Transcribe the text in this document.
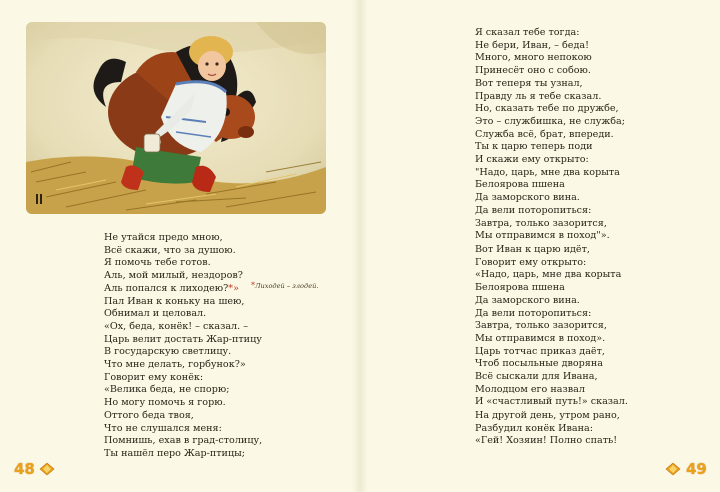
Не утайся предо мною,
Всё скажи, что за душою.
Я помочь тебе готов.
Аль, мой милый, нездоров?
Аль попался к лиходею?*»
Пал Иван к коньку на шею,
Обнимал и целовал.
«Ох, беда, конёк! – сказал. –
Царь велит достать Жар-птицу
В государскую светлицу.
Что мне делать, горбунок?»
Говорит ему конёк:
«Велика беда, не спорю;
Но могу помочь я горю.
Оттого беда твоя,
Что не слушался меня:
Помнишь, ехав в град-столицу,
Ты нашёл перо Жар-птицы;
*Лиходей – злодей.
Я сказал тебе тогда:
Не бери, Иван, – беда!
Много, много непокою
Принесёт оно с собою.
Вот теперя ты узнал,
Правду ль я тебе сказал.
Но, сказать тебе по дружбе,
Это – службишка, не служба;
Служба всё, брат, впереди.
Ты к царю теперь поди
И скажи ему открыто:
"Надо, царь, мне два корыта
Белоярова пшена
Да заморского вина.
Да вели поторопиться:
Завтра, только зазорится,
Мы отправимся в поход"».
Вот Иван к царю идёт,
Говорит ему открыто:
«Надо, царь, мне два корыта
Белоярова пшена
Да заморского вина.
Да вели поторопиться:
Завтра, только зазорится,
Мы отправимся в поход».
Царь тотчас приказ даёт,
Чтоб посыльные дворяна
Всё сыскали для Ивана,
Молодцом его назвал
И «счастливый путь!» сказал.
На другой день, утром рано,
Разбудил конёк Ивана:
«Гей! Хозяин! Полно спать!
48	49
